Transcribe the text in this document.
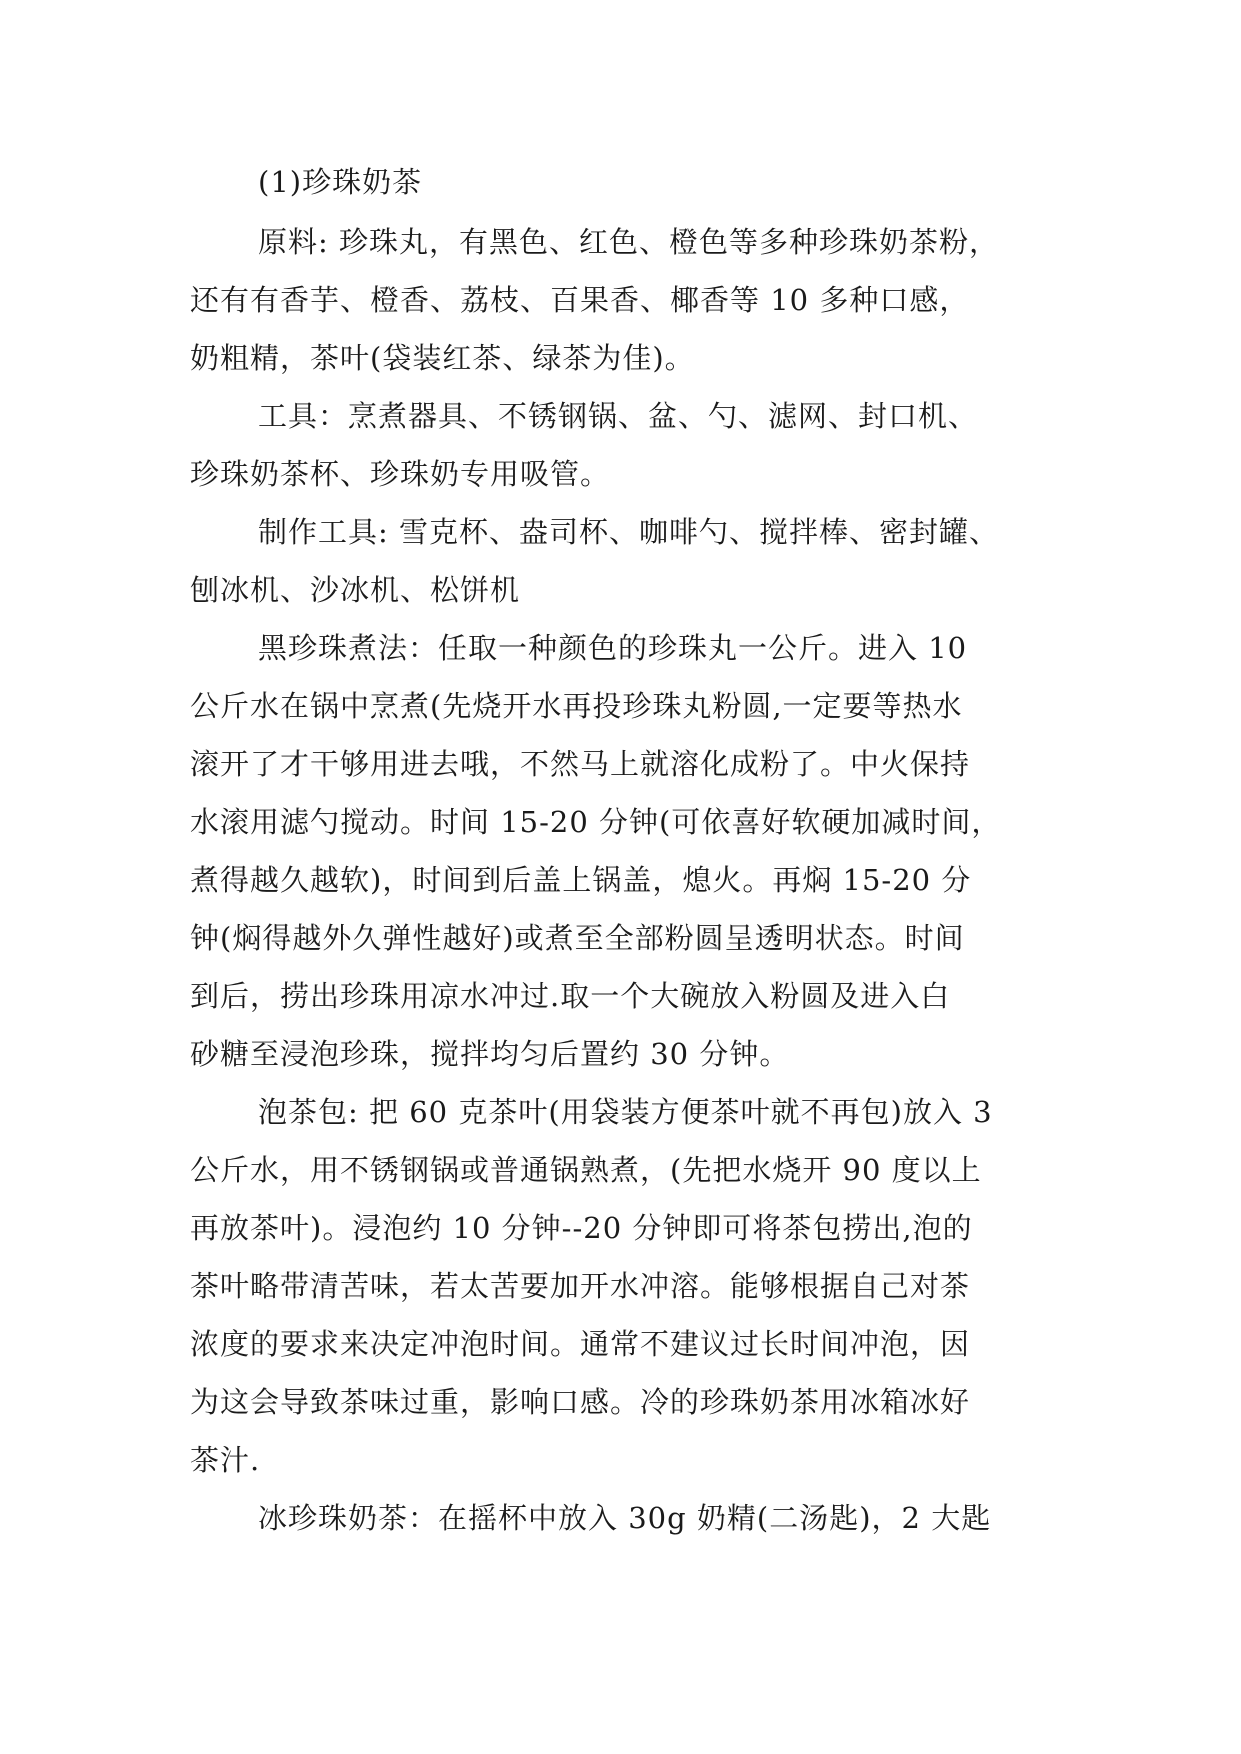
(1)珍珠奶茶
原料: 珍珠丸，有黑色、红色、橙色等多种珍珠奶茶粉，
还有有香芋、橙香、荔枝、百果香、椰香等 10 多种口感，
奶粗精，茶叶(袋装红茶、绿茶为佳)。
工具：烹煮器具、不锈钢锅、盆、勺、滤网、封口机、
珍珠奶茶杯、珍珠奶专用吸管。
制作工具: 雪克杯、盎司杯、咖啡勺、搅拌棒、密封罐、
刨冰机、沙冰机、松饼机
黑珍珠煮法：任取一种颜色的珍珠丸一公斤。进入 10
公斤水在锅中烹煮(先烧开水再投珍珠丸粉圆,一定要等热水
滚开了才干够用进去哦，不然马上就溶化成粉了。中火保持
水滚用滤勺搅动。时间 15-20 分钟(可依喜好软硬加减时间，
煮得越久越软)，时间到后盖上锅盖，熄火。再焖 15-20 分
钟(焖得越外久弹性越好)或煮至全部粉圆呈透明状态。时间
到后，捞出珍珠用凉水冲过.取一个大碗放入粉圆及进入白
砂糖至浸泡珍珠，搅拌均匀后置约 30 分钟。
泡茶包: 把 60 克茶叶(用袋装方便茶叶就不再包)放入 3
公斤水，用不锈钢锅或普通锅熟煮，(先把水烧开 90 度以上
再放茶叶)。浸泡约 10 分钟--20 分钟即可将茶包捞出,泡的
茶叶略带清苦味，若太苦要加开水冲溶。能够根据自己对茶
浓度的要求来决定冲泡时间。通常不建议过长时间冲泡，因
为这会导致茶味过重，影响口感。冷的珍珠奶茶用冰箱冰好
茶汁.
冰珍珠奶茶：在摇杯中放入 30g 奶精(二汤匙)，2 大匙
